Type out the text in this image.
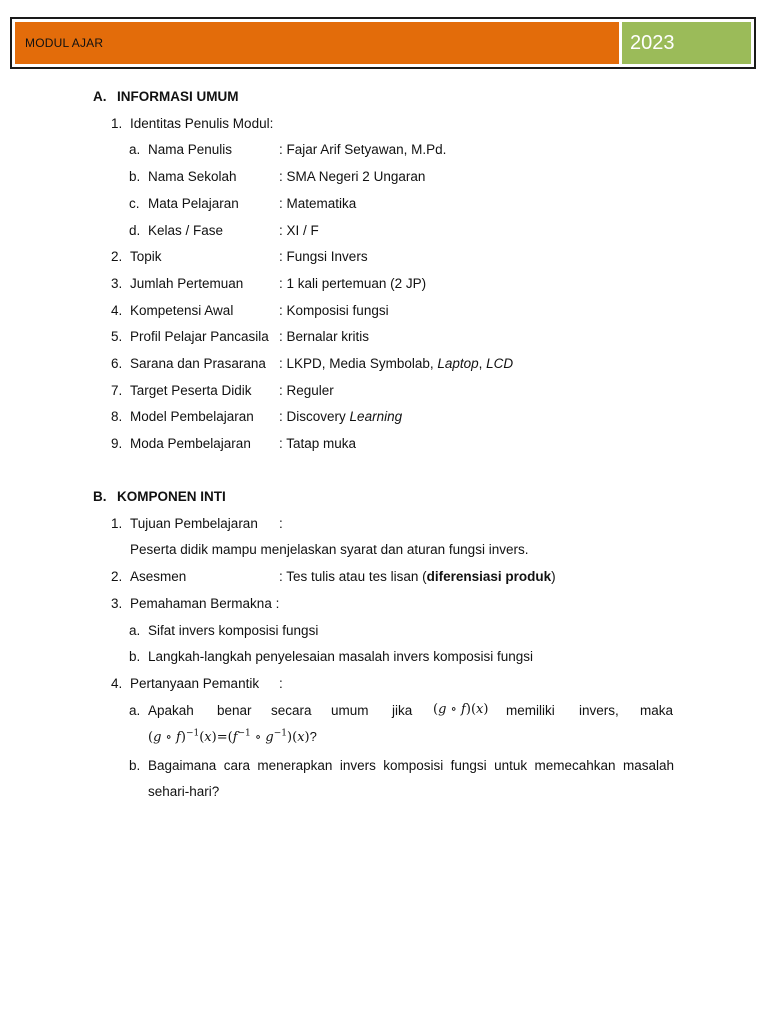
MODUL AJAR	2023
A. INFORMASI UMUM
1. Identitas Penulis Modul:
a. Nama Penulis	: Fajar Arif Setyawan, M.Pd.
b. Nama Sekolah	: SMA Negeri 2 Ungaran
c. Mata Pelajaran	: Matematika
d. Kelas / Fase	: XI / F
2. Topik	: Fungsi Invers
3. Jumlah Pertemuan	: 1 kali pertemuan (2 JP)
4. Kompetensi Awal	: Komposisi fungsi
5. Profil Pelajar Pancasila : Bernalar kritis
6. Sarana dan Prasarana : LKPD, Media Symbolab, Laptop, LCD
7. Target Peserta Didik : Reguler
8. Model Pembelajaran : Discovery Learning
9. Moda Pembelajaran : Tatap muka
B. KOMPONEN INTI
1. Tujuan Pembelajaran :
Peserta didik mampu menjelaskan syarat dan aturan fungsi invers.
2. Asesmen	: Tes tulis atau tes lisan (diferensiasi produk)
3. Pemahaman Bermakna :
a. Sifat invers komposisi fungsi
b. Langkah-langkah penyelesaian masalah invers komposisi fungsi
4. Pertanyaan Pemantik :
a. Apakah benar secara umum jika (g ∘ f)(x) memiliki invers, maka
(g ∘ $f)^{-1}(x)=(f^{-1}$ ∘ $g^{-1})(x)$?
b. Bagaimana cara menerapkan invers komposisi fungsi untuk memecahkan masalah
sehari-hari?
